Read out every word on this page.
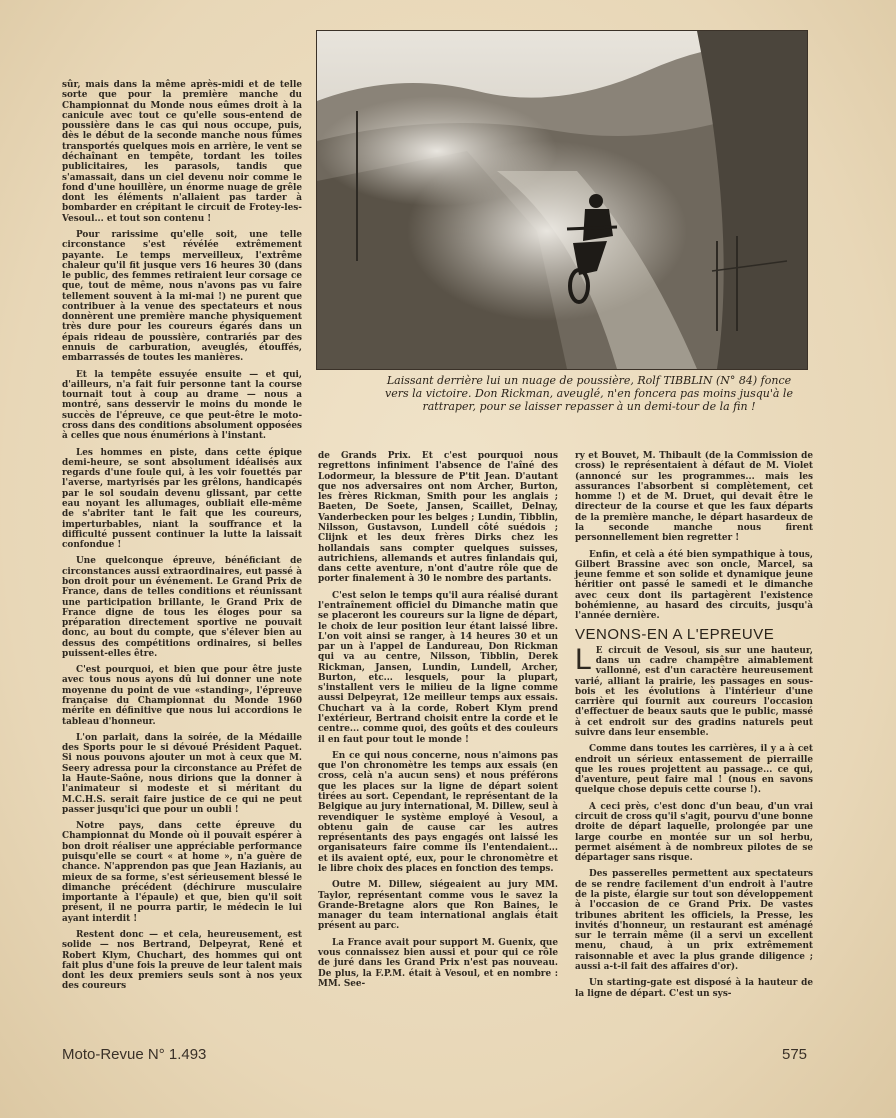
Laissant derrière lui un nuage de poussière, Rolf TIBBLIN (N° 84) fonce vers la victoire. Don Rickman, aveuglé, n'en foncera pas moins jusqu'à le rattraper, pour se laisser repasser à un demi-tour de la fin !

sûr, mais dans la même après-midi et de telle sorte que pour la première manche du Championnat du Monde nous eûmes droit à la canicule avec tout ce qu'elle sous-entend de poussière dans le cas qui nous occupe, puis, dès le début de la seconde manche nous fûmes transportés quelques mois en arrière, le vent se déchaînant en tempête, tordant les toiles publicitaires, les parasols, tandis que s'amassait, dans un ciel devenu noir comme le fond d'une houillère, un énorme nuage de grêle dont les éléments n'allaient pas tarder à bombarder en crépitant le circuit de Frotey-les-Vesoul... et tout son contenu !

Pour rarissime qu'elle soit, une telle circonstance s'est révélée extrêmement payante. Le temps merveilleux, l'extrême chaleur qu'il fit jusque vers 16 heures 30 (dans le public, des femmes retiraient leur corsage ce que, tout de même, nous n'avons pas vu faire tellement souvent à la mi-mai !) ne purent que contribuer à la venue des spectateurs et nous donnèrent une première manche physiquement très dure pour les coureurs égarés dans un épais rideau de poussière, contrariés par des ennuis de carburation, aveuglés, étouffés, embarrassés de toutes les manières.

Et la tempête essuyée ensuite — et qui, d'ailleurs, n'a fait fuir personne tant la course tournait tout à coup au drame — nous a montré, sans desservir le moins du monde le succès de l'épreuve, ce que peut-être le moto-cross dans des conditions absolument opposées à celles que nous énumérions à l'instant.

Les hommes en piste, dans cette épique demi-heure, se sont absolument idéalisés aux regards d'une foule qui, à les voir fouettés par l'averse, martyrisés par les grêlons, handicapés par le sol soudain devenu glissant, par cette eau noyant les allumages, oubliait elle-même de s'abriter tant le fait que les coureurs, imperturbables, niant la souffrance et la difficulté pussent continuer la lutte la laissait confondue !

Une quelconque épreuve, bénéficiant de circonstances aussi extraordinaires, eut passé à bon droit pour un événement. Le Grand Prix de France, dans de telles conditions et réunissant une participation brillante, le Grand Prix de France digne de tous les éloges pour sa préparation directement sportive ne pouvait donc, au bout du compte, que s'élever bien au dessus des compétitions ordinaires, si belles puissent-elles être.

C'est pourquoi, et bien que pour être juste avec tous nous ayons dû lui donner une note moyenne du point de vue «standing», l'épreuve française du Championnat du Monde 1960 mérite en définitive que nous lui accordions le tableau d'honneur.

L'on parlait, dans la soirée, de la Médaille des Sports pour le si dévoué Président Paquet. Si nous pouvons ajouter un mot à ceux que M. Seery adressa pour la circonstance au Préfet de la Haute-Saône, nous dirions que la donner à l'animateur si modeste et si méritant du M.C.H.S. serait faire justice de ce qui ne peut passer jusqu'ici que pour un oubli !

Notre pays, dans cette épreuve du Championnat du Monde où il pouvait espérer à bon droit réaliser une appréciable performance puisqu'elle se court « at home », n'a guère de chance. N'apprendon pas que Jean Hazianis, au mieux de sa forme, s'est sérieusement blessé le dimanche précédent (déchirure musculaire importante à l'épaule) et que, bien qu'il soit présent, il ne pourra partir, le médecin le lui ayant interdit !

Restent donc — et cela, heureusement, est solide — nos Bertrand, Delpeyrat, René et Robert Klym, Chuchart, des hommes qui ont fait plus d'une fois la preuve de leur talent mais dont les deux premiers seuls sont à nos yeux des coureurs

de Grands Prix. Et c'est pourquoi nous regrettons infiniment l'absence de l'aîné des Lodormeur, la blessure de P'tit Jean. D'autant que nos adversaires ont nom Archer, Burton, les frères Rickman, Smith pour les anglais ; Baeten, De Soete, Jansen, Scaillet, Delnay, Vanderbecken pour les belges ; Lundin, Tibblin, Nilsson, Gustavson, Lundell côté suédois ; Clijnk et les deux frères Dirks chez les hollandais sans compter quelques suisses, autrichiens, allemands et autres finlandais qui, dans cette aventure, n'ont d'autre rôle que de porter finalement à 30 le nombre des partants.

C'est selon le temps qu'il aura réalisé durant l'entraînement officiel du Dimanche matin que se placeront les coureurs sur la ligne de départ, le choix de leur position leur étant laissé libre. L'on voit ainsi se ranger, à 14 heures 30 et un par un à l'appel de Landureau, Don Rickman qui va au centre, Nilsson, Tibblin, Derek Rickman, Jansen, Lundin, Lundell, Archer, Burton, etc... lesquels, pour la plupart, s'installent vers le milieu de la ligne comme aussi Delpeyrat, 12e meilleur temps aux essais. Chuchart va à la corde, Robert Klym prend l'extérieur, Bertrand choisit entre la corde et le centre... comme quoi, des goûts et des couleurs il en faut pour tout le monde !

En ce qui nous concerne, nous n'aimons pas que l'on chronomètre les temps aux essais (en cross, celà n'a aucun sens) et nous préférons que les places sur la ligne de départ soient tirées au sort. Cependant, le représentant de la Belgique au jury international, M. Dillew, seul à revendiquer le système employé à Vesoul, a obtenu gain de cause car les autres représentants des pays engagés ont laissé les organisateurs faire comme ils l'entendaient... et ils avaient opté, eux, pour le chronomètre et le libre choix des places en fonction des temps.

Outre M. Dillew, siégeaient au jury MM. Taylor, représentant comme vous le savez la Grande-Bretagne alors que Ron Baines, le manager du team international anglais était présent au parc.

La France avait pour support M. Guenix, que vous connaissez bien aussi et pour qui ce rôle de juré dans les Grand Prix n'est pas nouveau. De plus, la F.P.M. était à Vesoul, et en nombre : MM. See-

ry et Bouvet, M. Thibault (de la Commission de cross) le représentaient à défaut de M. Violet (annoncé sur les programmes... mais les assurances l'absorbent si complètement, cet homme !) et de M. Druet, qui devait être le directeur de la course et que les faux départs de la première manche, le départ hasardeux de la seconde manche nous firent personnellement bien regretter !

Enfin, et celà a été bien sympathique à tous, Gilbert Brassine avec son oncle, Marcel, sa jeune femme et son solide et dynamique jeune héritier ont passé le samedi et le dimanche avec ceux dont ils partagèrent l'existence bohémienne, au hasard des circuits, jusqu'à l'année dernière.

VENONS-EN A L'EPREUVE

L E circuit de Vesoul, sis sur une hauteur, dans un cadre champêtre aimablement vallonné, est d'un caractère heureusement varié, alliant la prairie, les passages en sous-bois et les évolutions à l'intérieur d'une carrière qui fournit aux coureurs l'occasion d'effectuer de beaux sauts que le public, massé à cet endroit sur des gradins naturels peut suivre dans leur ensemble.

Comme dans toutes les carrières, il y a à cet endroit un sérieux entassement de pierraille que les roues projettent au passage... ce qui, d'aventure, peut faire mal ! (nous en savons quelque chose depuis cette course !).

A ceci près, c'est donc d'un beau, d'un vrai circuit de cross qu'il s'agit, pourvu d'une bonne droite de départ laquelle, prolongée par une large courbe en montée sur un sol herbu, permet aisément à de nombreux pilotes de se départager sans risque.

Des passerelles permettent aux spectateurs de se rendre facilement d'un endroit à l'autre de la piste, élargie sur tout son développement à l'occasion de ce Grand Prix. De vastes tribunes abritent les officiels, la Presse, les invités d'honneur, un restaurant est aménagé sur le terrain même (il a servi un excellent menu, chaud, à un prix extrêmement raisonnable et avec la plus grande diligence ; aussi a-t-il fait des affaires d'or).

Un starting-gate est disposé à la hauteur de la ligne de départ. C'est un sys-

Moto-Revue N° 1.493	575
